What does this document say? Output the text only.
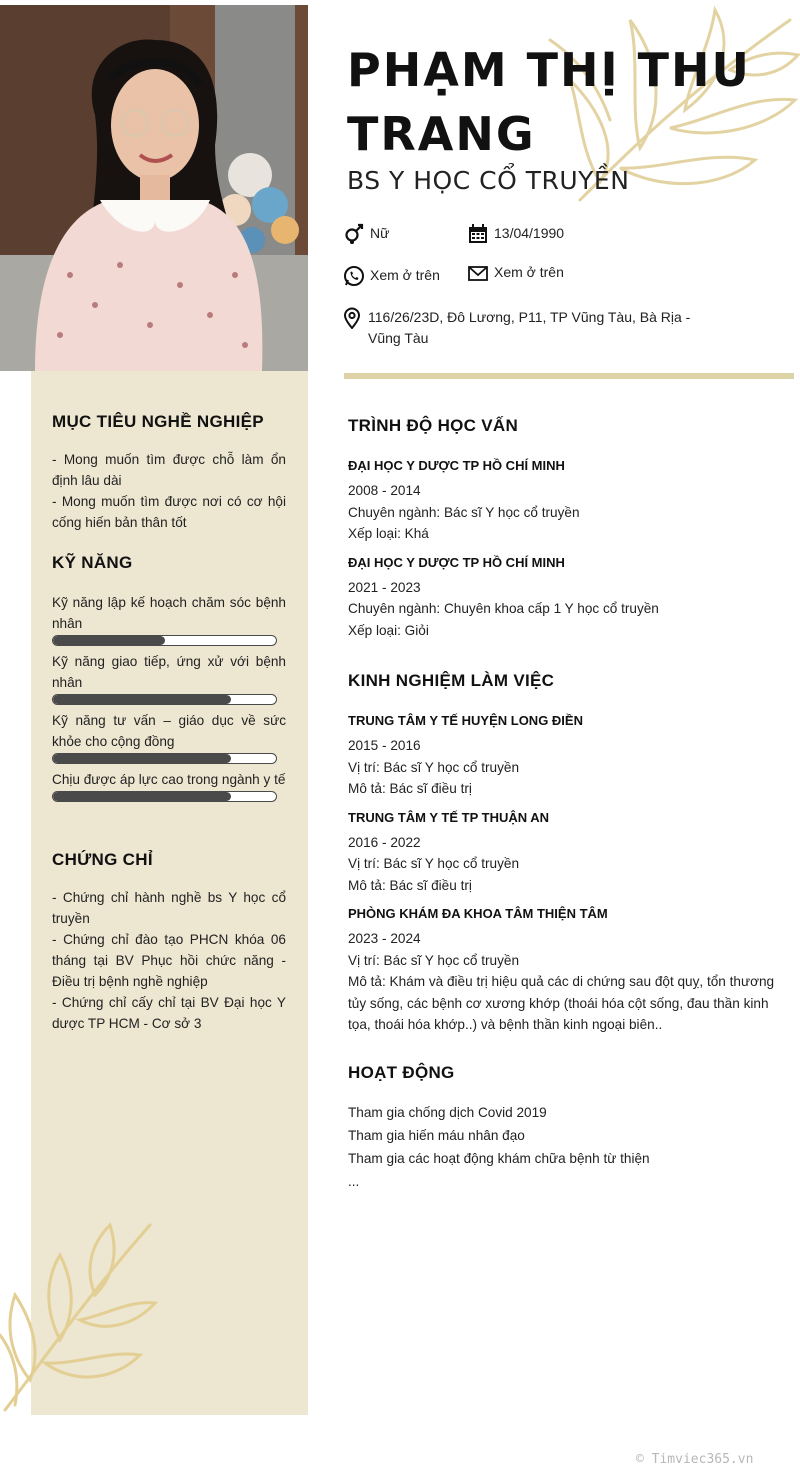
PHẠM THỊ THU TRANG
BS Y HỌC CỔ TRUYỀN
Nữ	13/04/1990
Xem ở trên	Xem ở trên
116/26/23D, Đô Lương, P11, TP Vũng Tàu, Bà Rịa - Vũng Tàu
MỤC TIÊU NGHỀ NGHIỆP
- Mong muốn tìm được chỗ làm ổn định lâu dài
- Mong muốn tìm được nơi có cơ hội cống hiến bản thân tốt
KỸ NĂNG
Kỹ năng lập kế hoạch chăm sóc bệnh nhân
Kỹ năng giao tiếp, ứng xử với bệnh nhân
Kỹ năng tư vấn – giáo dục về sức khỏe cho cộng đồng
Chịu được áp lực cao trong ngành y tế
CHỨNG CHỈ
- Chứng chỉ hành nghề bs Y học cổ truyền
- Chứng chỉ đào tạo PHCN khóa 06 tháng tại BV Phục hồi chức năng - Điều trị bệnh nghề nghiệp
- Chứng chỉ cấy chỉ tại BV Đại học Y dược TP HCM - Cơ sở 3
TRÌNH ĐỘ HỌC VẤN
ĐẠI HỌC Y DƯỢC TP HỒ CHÍ MINH
2008 - 2014
Chuyên ngành: Bác sĩ Y học cổ truyền
Xếp loại: Khá
ĐẠI HỌC Y DƯỢC TP HỒ CHÍ MINH
2021 - 2023
Chuyên ngành: Chuyên khoa cấp 1 Y học cổ truyền
Xếp loại: Giỏi
KINH NGHIỆM LÀM VIỆC
TRUNG TÂM Y TẾ HUYỆN LONG ĐIỀN
2015 - 2016
Vị trí: Bác sĩ Y học cổ truyền
Mô tả: Bác sĩ điều trị
TRUNG TÂM Y TẾ TP THUẬN AN
2016 - 2022
Vị trí: Bác sĩ Y học cổ truyền
Mô tả: Bác sĩ điều trị
PHÒNG KHÁM ĐA KHOA TÂM THIỆN TÂM
2023 - 2024
Vị trí: Bác sĩ Y học cổ truyền
Mô tả: Khám và điều trị hiệu quả các di chứng sau đột quỵ, tổn thương tủy sống, các bệnh cơ xương khớp (thoái hóa cột sống, đau thần kinh tọa, thoái hóa khớp..) và bệnh thần kinh ngoại biên..
HOẠT ĐỘNG
Tham gia chống dịch Covid 2019
Tham gia hiến máu nhân đạo
Tham gia các hoạt động khám chữa bệnh từ thiện
...
© Timviec365.vn
